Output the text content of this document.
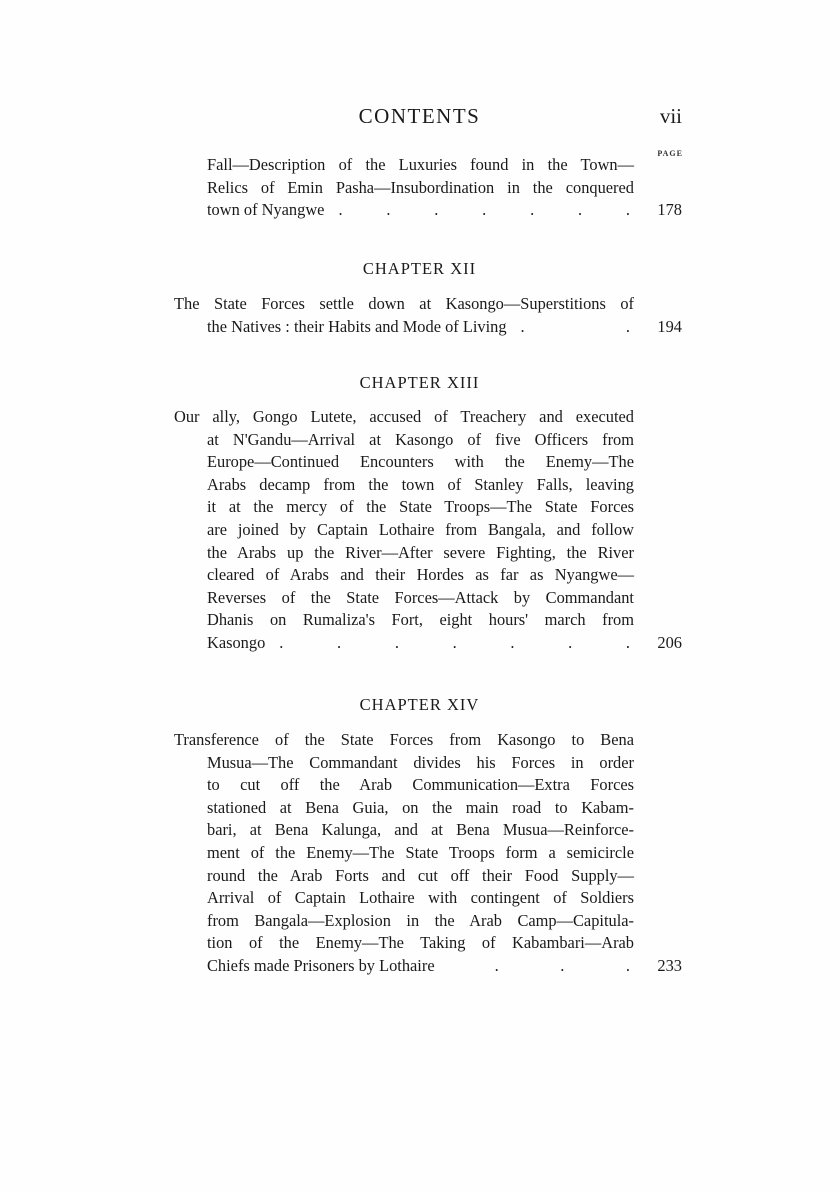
CONTENTS	vii
PAGE
Fall—Description of the Luxuries found in the Town—
Relics of Emin Pasha—Insubordination in the conquered
town of Nyangwe .	.	.	.	.	.	.	178
CHAPTER XII
The State Forces settle down at Kasongo—Superstitions of
the Natives : their Habits and Mode of Living .	.	194
CHAPTER XIII
Our ally, Gongo Lutete, accused of Treachery and executed
at N'Gandu—Arrival at Kasongo of five Officers from
Europe—Continued Encounters with the Enemy—The
Arabs decamp from the town of Stanley Falls, leaving
it at the mercy of the State Troops—The State Forces
are joined by Captain Lothaire from Bangala, and follow
the Arabs up the River—After severe Fighting, the River
cleared of Arabs and their Hordes as far as Nyangwe—
Reverses of the State Forces—Attack by Commandant
Dhanis on Rumaliza's Fort, eight hours' march from
Kasongo .	.	.	.	.	.	.	206
CHAPTER XIV
Transference of the State Forces from Kasongo to Bena
Musua—The Commandant divides his Forces in order
to cut off the Arab Communication—Extra Forces
stationed at Bena Guia, on the main road to Kabam-
bari, at Bena Kalunga, and at Bena Musua—Reinforce-
ment of the Enemy—The State Troops form a semicircle
round the Arab Forts and cut off their Food Supply—
Arrival of Captain Lothaire with contingent of Soldiers
from Bangala—Explosion in the Arab Camp—Capitula-
tion of the Enemy—The Taking of Kabambari—Arab
Chiefs made Prisoners by Lothaire	.	.	.	233
